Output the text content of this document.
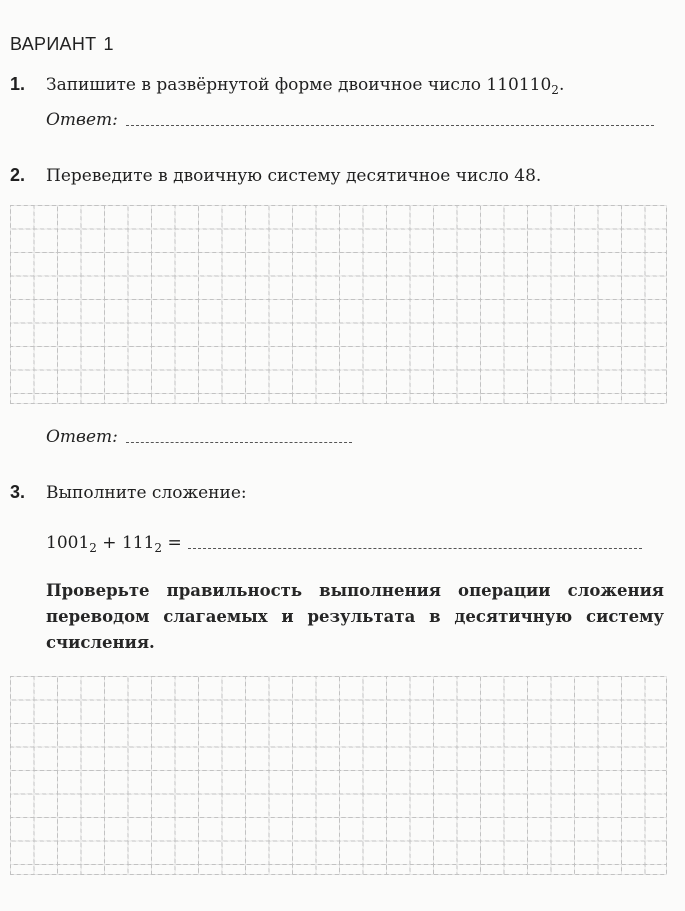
ВАРИАНТ 1
1. Запишите в развёрнутой форме двоичное число $110110_2$.
Ответ:
2. Переведите в двоичную систему десятичное число 48.
Ответ:
3. Выполните сложение:
$1001_2 + 111_2$ =
Проверьте правильность выполнения операции сложения переводом слагаемых и результата в десятичную систему счисления.
